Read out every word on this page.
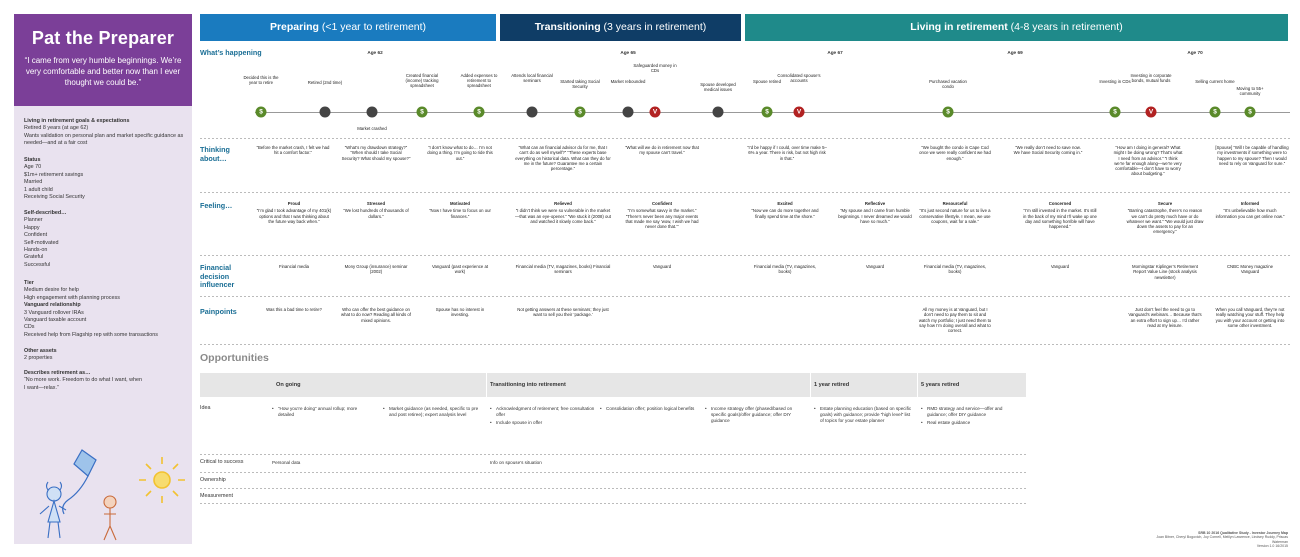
Pat the Preparer
“I came from very humble beginnings. We’re very comfortable and better now than I ever thought we could be.”
Living in retirement goals & expectations
Retired 8 years (at age 62)
Wants validation on personal plan and market specific guidance as needed—and at a fair cost
Status
Age 70
$1m+ retirement savings
Married
1 adult child
Receiving Social Security
Self-described…
Planner
Happy
Confident
Self-motivated
Hands-on
Grateful
Successful
Tier
Medium desire for help
High engagement with planning process
Vanguard relationship
3 Vanguard rollover IRAs
Vanguard taxable account
CDs
Received help from Flagship rep with some transactions
Other assets
2 properties
Describes retirement as…
“No more work. Freedom to do what I want, when I want—relax.”
Preparing (<1 year to retirement)	Transitioning (3 years in retirement)	Living in retirement (4-8 years in retirement)
What’s happening
Thinking about…
Feeling…
Financial decision influencer
Painpoints
Age 62	Age 65	Age 67	Age 69	Age 70
Decided this is the year to retire
$
Retired (2nd time)
Market crashed
Created financial (income) tracking spreadsheet
$
Added expenses to retirement to spreadsheet
$
Attends local financial seminars	Started taking Social Security
$
Market rebounded
Safeguarded money in CDs
V
Spouse developed medical issues
Spouse retired
$
Consolidated spouse’s accounts
V
Purchased vacation condo
$
Investing in CDs
$
Investing in corporate bonds, mutual funds
V
Selling current home
$
Moving to 55+ community
$
“Before the market crash, I felt we had hit a comfort factor.”
“What’s my drawdown strategy?” “When should I take Social Security? What should my spouse?”
“I don’t know what to do… I’m not doing a thing. I’m going to ride this out.”
“What can an financial advisor do for me, that I can’t do as well myself?” “These experts base everything on historical data. What can they do for me in the future? Guarantee me a certain percentage.”
“What will we do in retirement now that my spouse can’t travel.”
“I’d be happy if I could, over time make 5–6% a year. There is risk, but not high risk in that.”
“We bought the condo in Cape Cod once we were really confident we had enough.”
“We really don’t need to save now. We have Social Security coming in.”
“How am I doing in general? What might I be doing wrong? That’s what I need from an advisor.” “I think we’re far enough along—we’re very comfortable—I don’t have to worry about budgeting.”
[Spouse] “Will I be capable of handling my investments if something were to happen to my spouse? Then I would need to rely on Vanguard for sure.”
Proud
“I’m glad I took advantage of my 401(k) options and that I was thinking about the future way back when.”
Stressed
“We lost hundreds of thousands of dollars.”
Motivated
“Now I have time to focus on our finances.”
Relieved
“I didn’t think we were so vulnerable in the market—that was an eye-opener.” “We stuck it (2008) out and watched it slowly come back.”
Confident
“I’m somewhat savvy in the market.” “There’s never been any major events that made me say ‘wow, I wish we had never done that.’”
Excited
“Now we can do more together and finally spend time at the shore.”
Reflective
“My spouse and I came from humble beginnings. I never dreamed we would have so much.”
Resourceful
“It’s just second nature for us to live a conservative lifestyle. I mean, we use coupons, wait for a sale.”
Concerned
“I’m still invested in the market. It’s still in the back of my mind I’ll wake up one day and something horrible will have happened.”
Secure
“Barring catastrophe, there’s no reason we can’t do pretty much have or do whatever we want.” “We would just draw down the assets to pay for an emergency.”
Informed
“It’s unbelievable how much information you can get online now.”
Financial media	Mony Group (insurance) seminar (2002)
Vanguard (past experience at work)
Financial media (TV, magazines, books) Financial seminars
Vanguard	Financial media (TV, magazines, books)
Vanguard	Financial media (TV, magazines, books)
Vanguard	Morningstar Kiplinger’s Retirement Report Value Line (stock analysis newsletter)
CNBC Money magazine Vanguard
Was this a bad time to retire?	Who can offer the best guidance on what to do now? Reading all kinds of mixed opinions.
Spouse has no interest in investing.
Not getting answers at these seminars; they just want to sell you their ‘package.’
All my money is at Vanguard, but I don’t need to pay them to sit and watch my portfolio; I just need them to say how I’m doing overall and what to correct.
Just don’t feel the need to go to Vanguard’s webinars… Because that’s an extra effort to sign up… I’d rather read at my leisure.
When you call Vanguard, they’re not really watching your stuff. They help you with your account or getting into some other investment.
Opportunities
On going	Transitioning into retirement	1 year retired	5 years retired
Idea
Critical to success
Ownership
Measurement
• “How you’re doing” annual rollup; more detailed
• Market guidance (as needed, specific to pre and post retiree); expert analysis level
• Acknowledgment of retirement; free consultation offer
• Include spouse in offer
• Consolidation offer; position logical benefits
•	Income strategy offer (phased/based on specific goals)/offer guidance; offer DIY guidance
• Estate planning education (based on specific goals) with guidance; provide “high level” list of topics for your estate planner
• RMD strategy and service—offer and guidance; offer DIY guidance
• Real estate guidance
Personal data	Info on spouse’s situation
SRB 10 2016 Qualitative Study - Investor Journey Map
Joan Bitner, Cheryl Bogovich, Joy Cornell, Melilyn Lawrence, Lindsey Ruddy, Priscas Waterman
Version 1.0 16/2015
